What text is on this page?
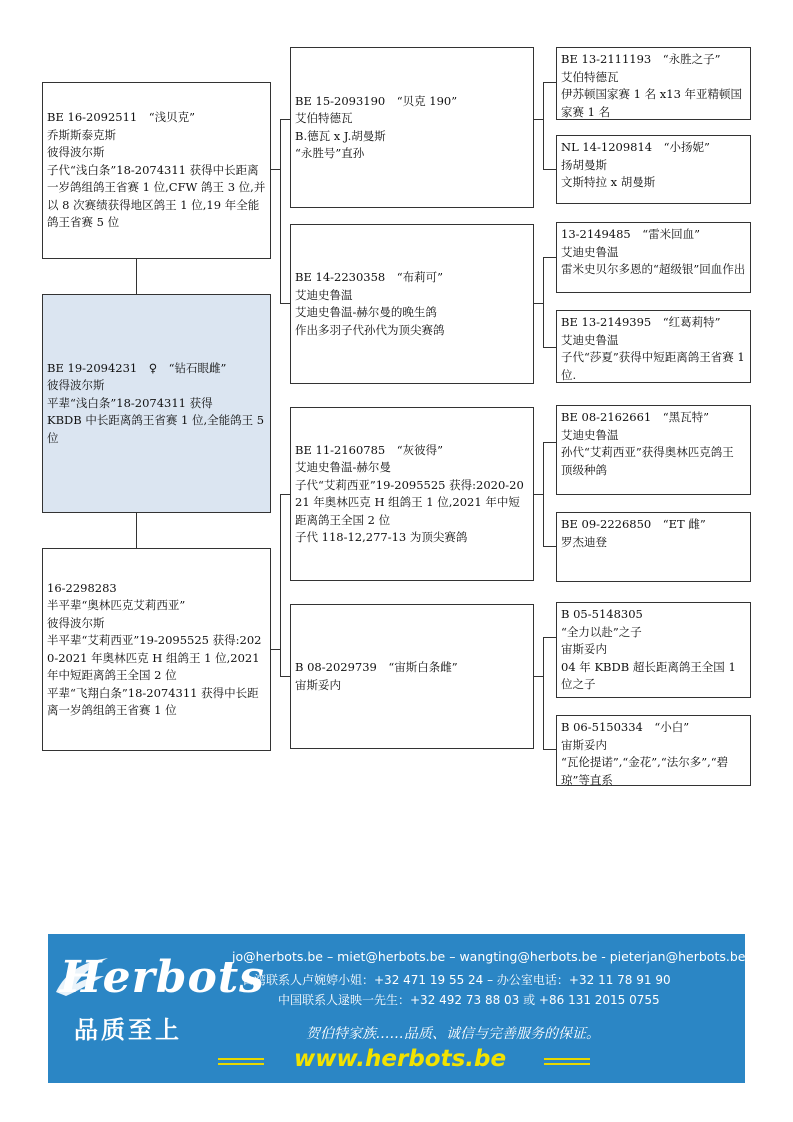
BE 16-2092511　“浅贝克”
乔斯斯泰克斯
彼得波尔斯
子代“浅白条”18-2074311 获得中长距离一岁鸽组鸽王省赛 1 位,CFW 鸽王 3 位,并以 8 次赛绩获得地区鸽王 1 位,19 年全能鸽王省赛 5 位
BE 19-2094231　♀　“钻石眼雌”
彼得波尔斯
平辈“浅白条”18-2074311 获得
KBDB 中长距离鸽王省赛 1 位,全能鸽王 5 位
16-2298283
半平辈“奥林匹克艾莉西亚”
彼得波尔斯
半平辈“艾莉西亚”19-2095525 获得:2020-2021 年奥林匹克 H 组鸽王 1 位,2021 年中短距离鸽王全国 2 位
平辈“飞翔白条”18-2074311 获得中长距离一岁鸽组鸽王省赛 1 位
BE 15-2093190　“贝克 190”
艾伯特德瓦
B.德瓦 x J.胡曼斯
“永胜号”直孙
BE 14-2230358　“布莉可”
艾迪史鲁温
艾迪史鲁温-赫尔曼的晚生鸽
作出多羽子代孙代为顶尖赛鸽
BE 11-2160785　“灰彼得”
艾迪史鲁温-赫尔曼
子代“艾莉西亚”19-2095525 获得:2020-2021 年奥林匹克 H 组鸽王 1 位,2021 年中短距离鸽王全国 2 位
子代 118-12,277-13 为顶尖赛鸽
B 08-2029739　“宙斯白条雌”
宙斯妥内
BE 13-2111193　“永胜之子”
艾伯特德瓦
伊苏顿国家赛 1 名 x13 年亚精顿国家赛 1 名
NL 14-1209814　“小扬妮”
扬胡曼斯
文斯特拉 x 胡曼斯
13-2149485　“雷米回血”
艾迪史鲁温
雷米史贝尔多恩的“超级银”回血作出
BE 13-2149395　“红葛莉特”
艾迪史鲁温
子代“莎夏”获得中短距离鸽王省赛 1 位.
BE 08-2162661　“黑瓦特”
艾迪史鲁温
孙代“艾莉西亚”获得奥林匹克鸽王
顶级种鸽
BE 09-2226850　“ET 雌”
罗杰迪登
B 05-5148305
“全力以赴”之子
宙斯妥内
04 年 KBDB 超长距离鸽王全国 1 位之子
B 06-5150334　“小白”
宙斯妥内
“瓦伦提诺”,“金花”,“法尔多”,“碧琼”等直系
Herbots
品质至上
jo@herbots.be – miet@herbots.be – wangting@herbots.be - pieterjan@herbots.be
台湾联系人卢婉婷小姐：+32 471 19 55 24 – 办公室电话：+32 11 78 91 90
中国联系人逯映一先生：+32 492 73 88 03 或 +86 131 2015 0755
贺伯特家族……品质、诚信与完善服务的保证。
www.herbots.be
